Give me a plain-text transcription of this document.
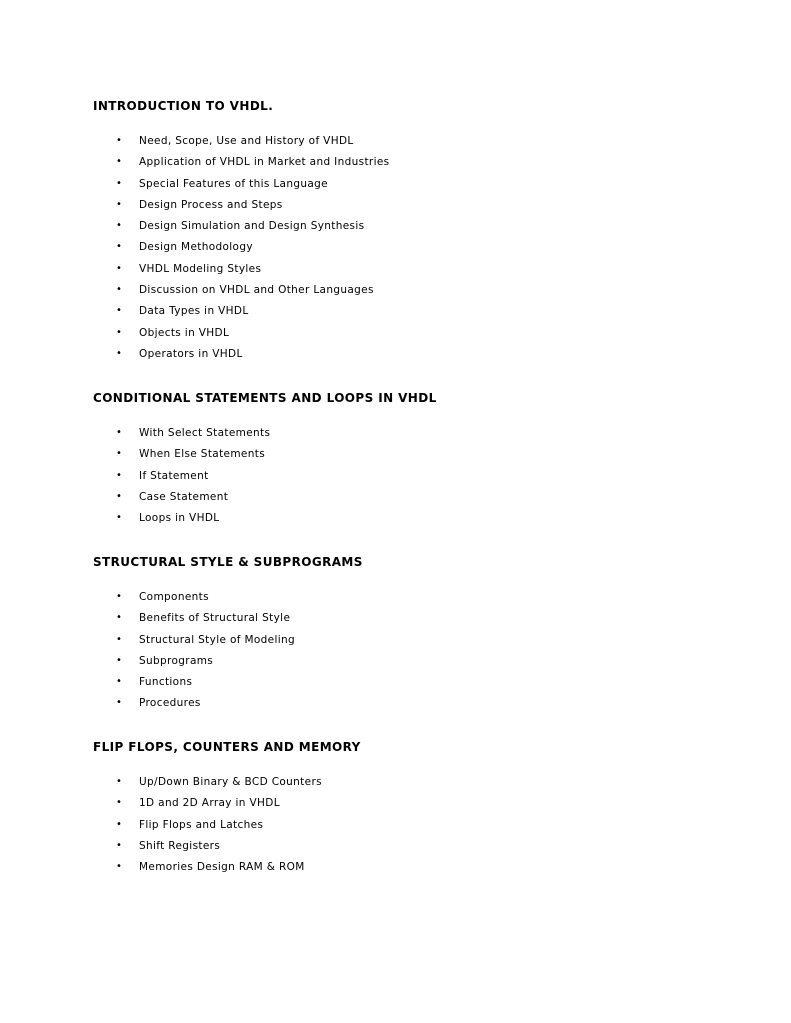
INTRODUCTION TO VHDL.
• Need, Scope, Use and History of VHDL
• Application of VHDL in Market and Industries
• Special Features of this Language
• Design Process and Steps
• Design Simulation and Design Synthesis
• Design Methodology
• VHDL Modeling Styles
• Discussion on VHDL and Other Languages
• Data Types in VHDL
• Objects in VHDL
• Operators in VHDL
CONDITIONAL STATEMENTS AND LOOPS IN VHDL
• With Select Statements
• When Else Statements
• If Statement
• Case Statement
• Loops in VHDL
STRUCTURAL STYLE & SUBPROGRAMS
• Components
• Benefits of Structural Style
• Structural Style of Modeling
• Subprograms
• Functions
• Procedures
FLIP FLOPS, COUNTERS AND MEMORY
• Up/Down Binary & BCD Counters
• 1D and 2D Array in VHDL
• Flip Flops and Latches
• Shift Registers
• Memories Design RAM & ROM
